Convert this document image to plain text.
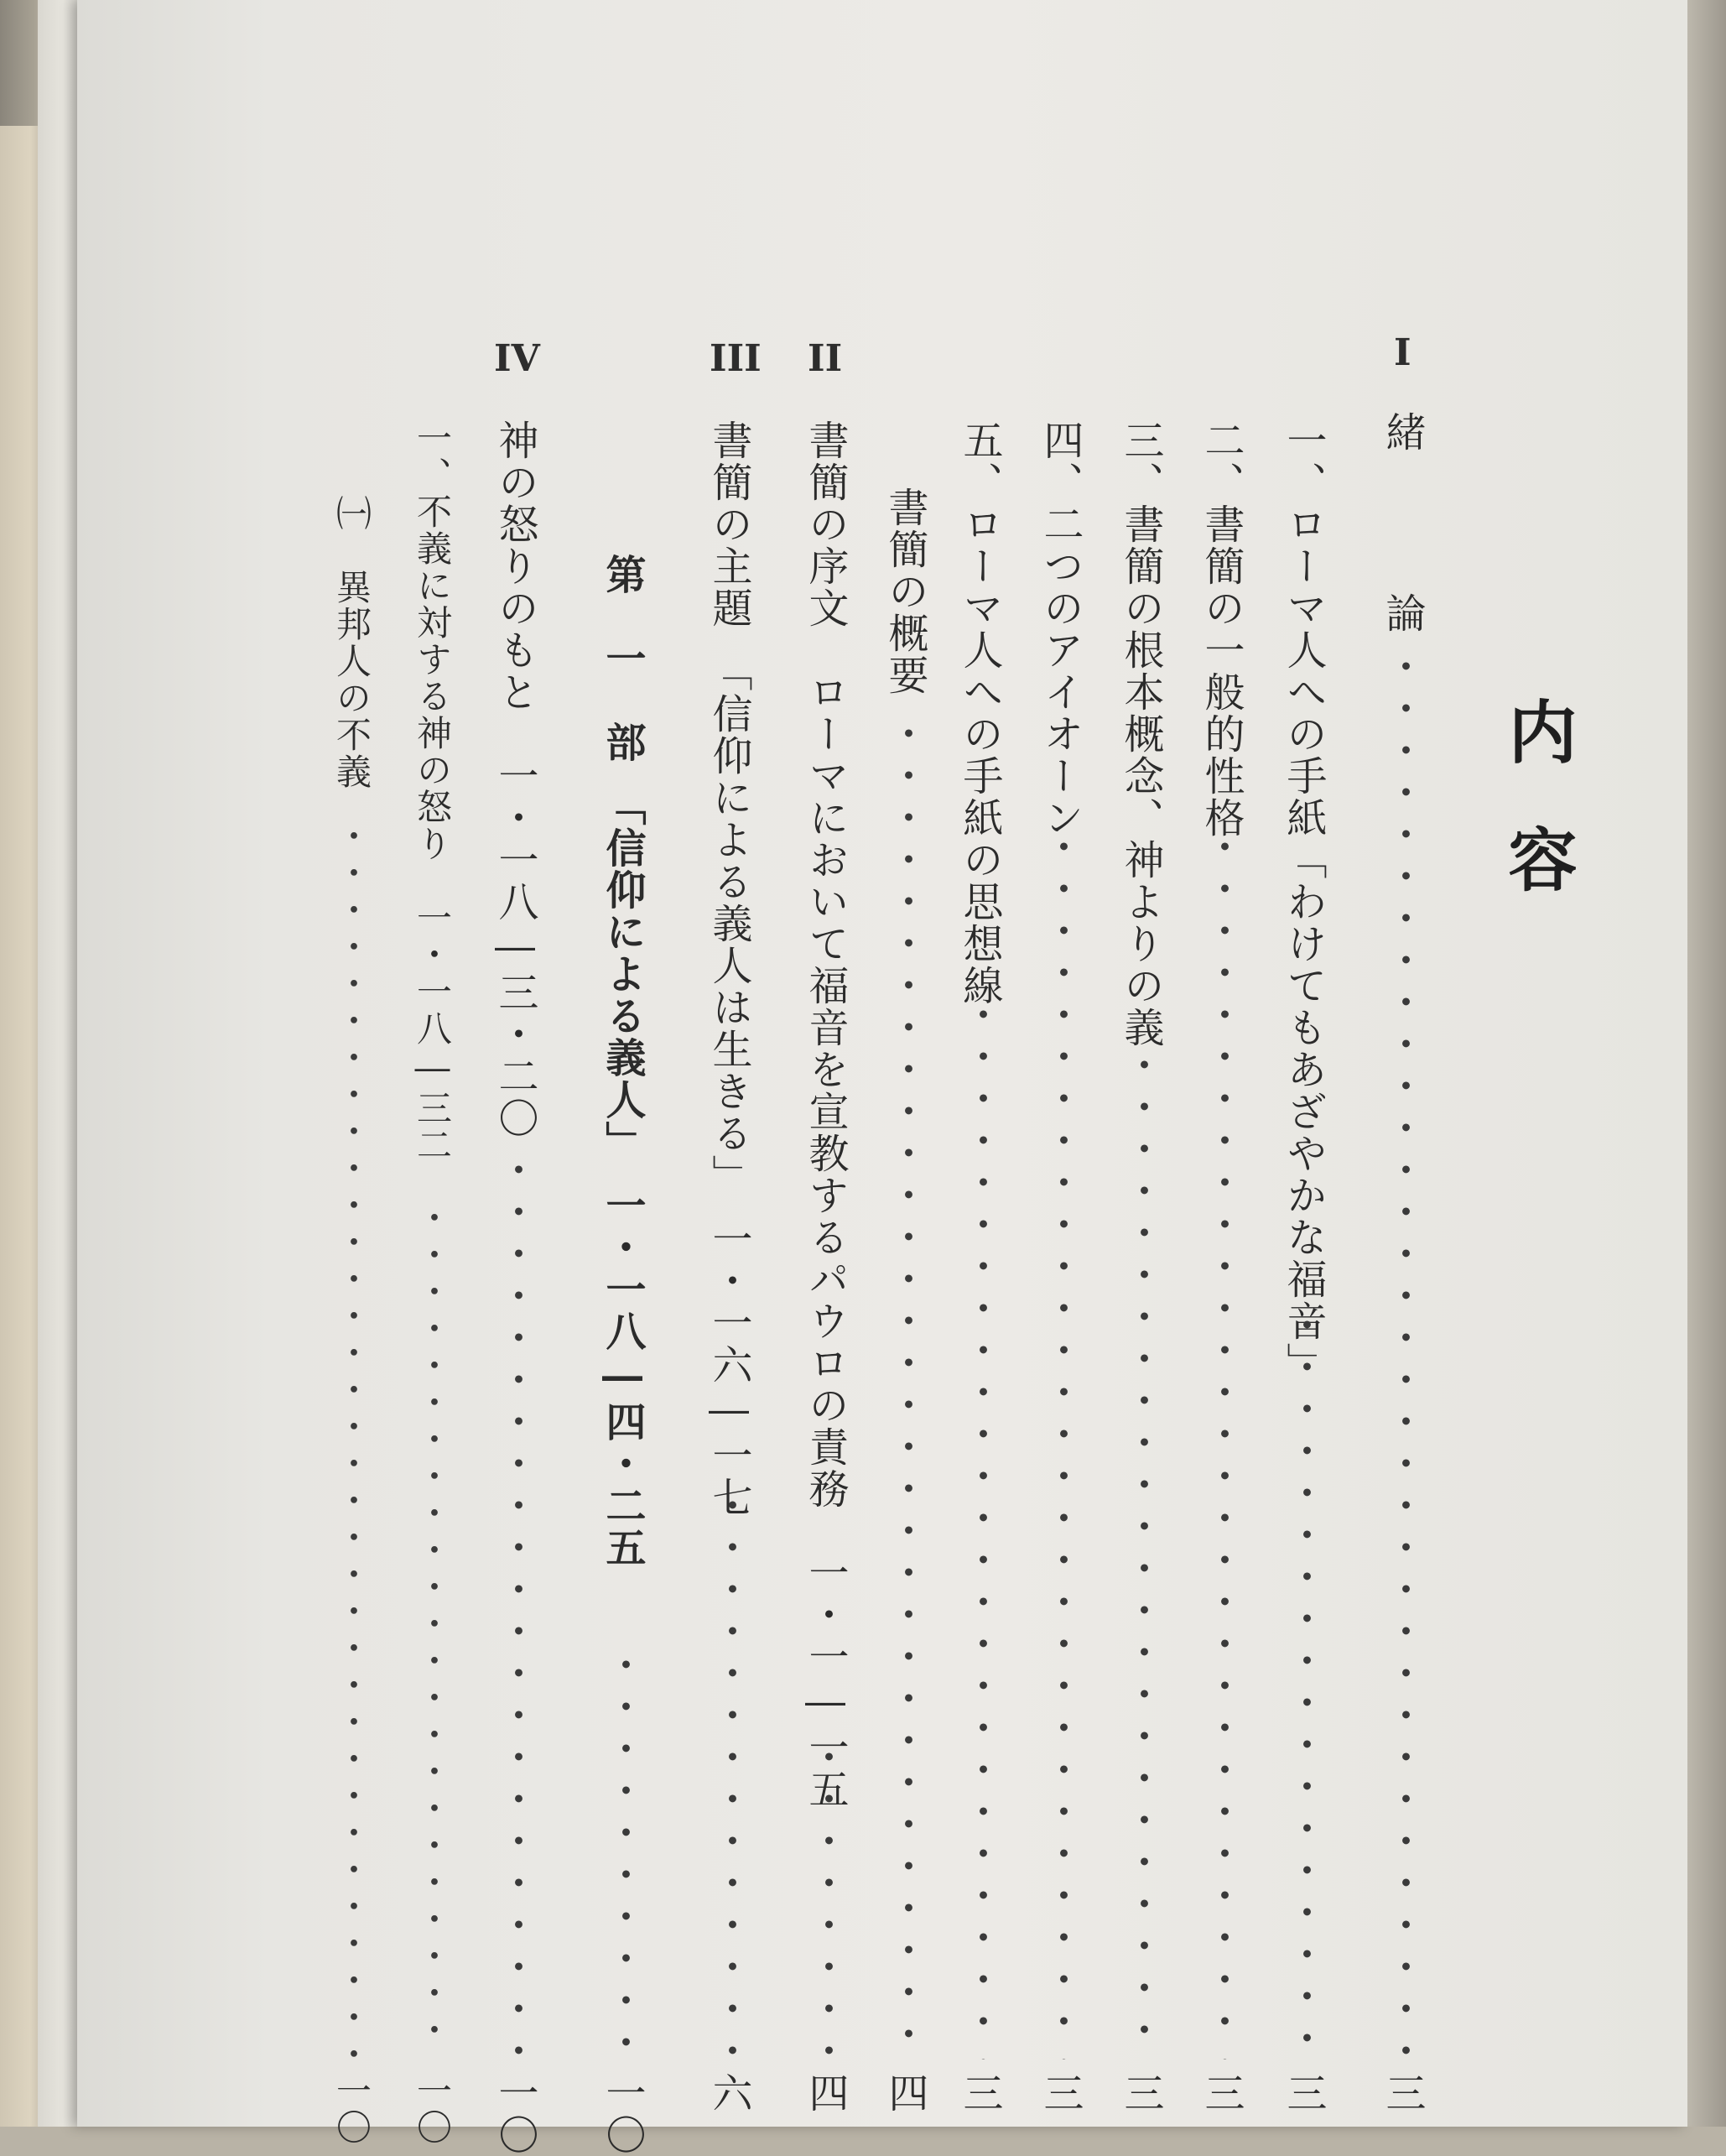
内容
I
II
III
IV
緒　論
・・・・・・・・・・・・・・・・・・・・・・・・・・・・・・・・・・・・・・・・・・・・・・・・・・・・・・・・
三
一、ローマ人への手紙「わけてもあざやかな福音」
・・・・・・・・・・・・・・・・・・・・・・・・・・・・・・・・・・・・・・・・・・・・・・・・・・・・・・・・
三
二、書簡の一般的性格
・・・・・・・・・・・・・・・・・・・・・・・・・・・・・・・・・・・・・・・・・・・・・・・・・・・・・・・・
三
三、書簡の根本概念、神よりの義
・・・・・・・・・・・・・・・・・・・・・・・・・・・・・・・・・・・・・・・・・・・・・・・・・・・・・・・・
三
四、二つのアイオーン
・・・・・・・・・・・・・・・・・・・・・・・・・・・・・・・・・・・・・・・・・・・・・・・・・・・・・・・・
三
五、ローマ人への手紙の思想線
・・・・・・・・・・・・・・・・・・・・・・・・・・・・・・・・・・・・・・・・・・・・・・・・・・・・・・・・
三
書簡の概要
・・・・・・・・・・・・・・・・・・・・・・・・・・・・・・・・・・・・・・・・・・・・・・・・・・・・・・・・
四
書簡の序文　ローマにおいて福音を宣教するパウロの責務　一・一―一五
・・・・・・・・・・・・・・・・・・・・・・・・・・・・・・・・・・・・・・・・・・・・・・・・・・・・・・・・
四
書簡の主題　「信仰による義人は生きる」　一・一六―一七
・・・・・・・・・・・・・・・・・・・・・・・・・・・・・・・・・・・・・・・・・・・・・・・・・・・・・・・・
六
第　一　部　「信仰による義人」　一・一八―四・二五
・・・・・・・・・・・・・・・・・・・・・・・・・・・・・・・・・・・・・・・・・・・・・・・・・・・・・・・・
一〇
神の怒りのもと　一・一八―三・二〇
・・・・・・・・・・・・・・・・・・・・・・・・・・・・・・・・・・・・・・・・・・・・・・・・・・・・・・・・
一〇
一、不義に対する神の怒り　一・一八―三二
・・・・・・・・・・・・・・・・・・・・・・・・・・・・・・・・・・・・・・・・・・・・・・・・・・・・・・・・
一〇
㈠　異邦人の不義
・・・・・・・・・・・・・・・・・・・・・・・・・・・・・・・・・・・・・・・・・・・・・・・・・・・・・・・・
一〇
